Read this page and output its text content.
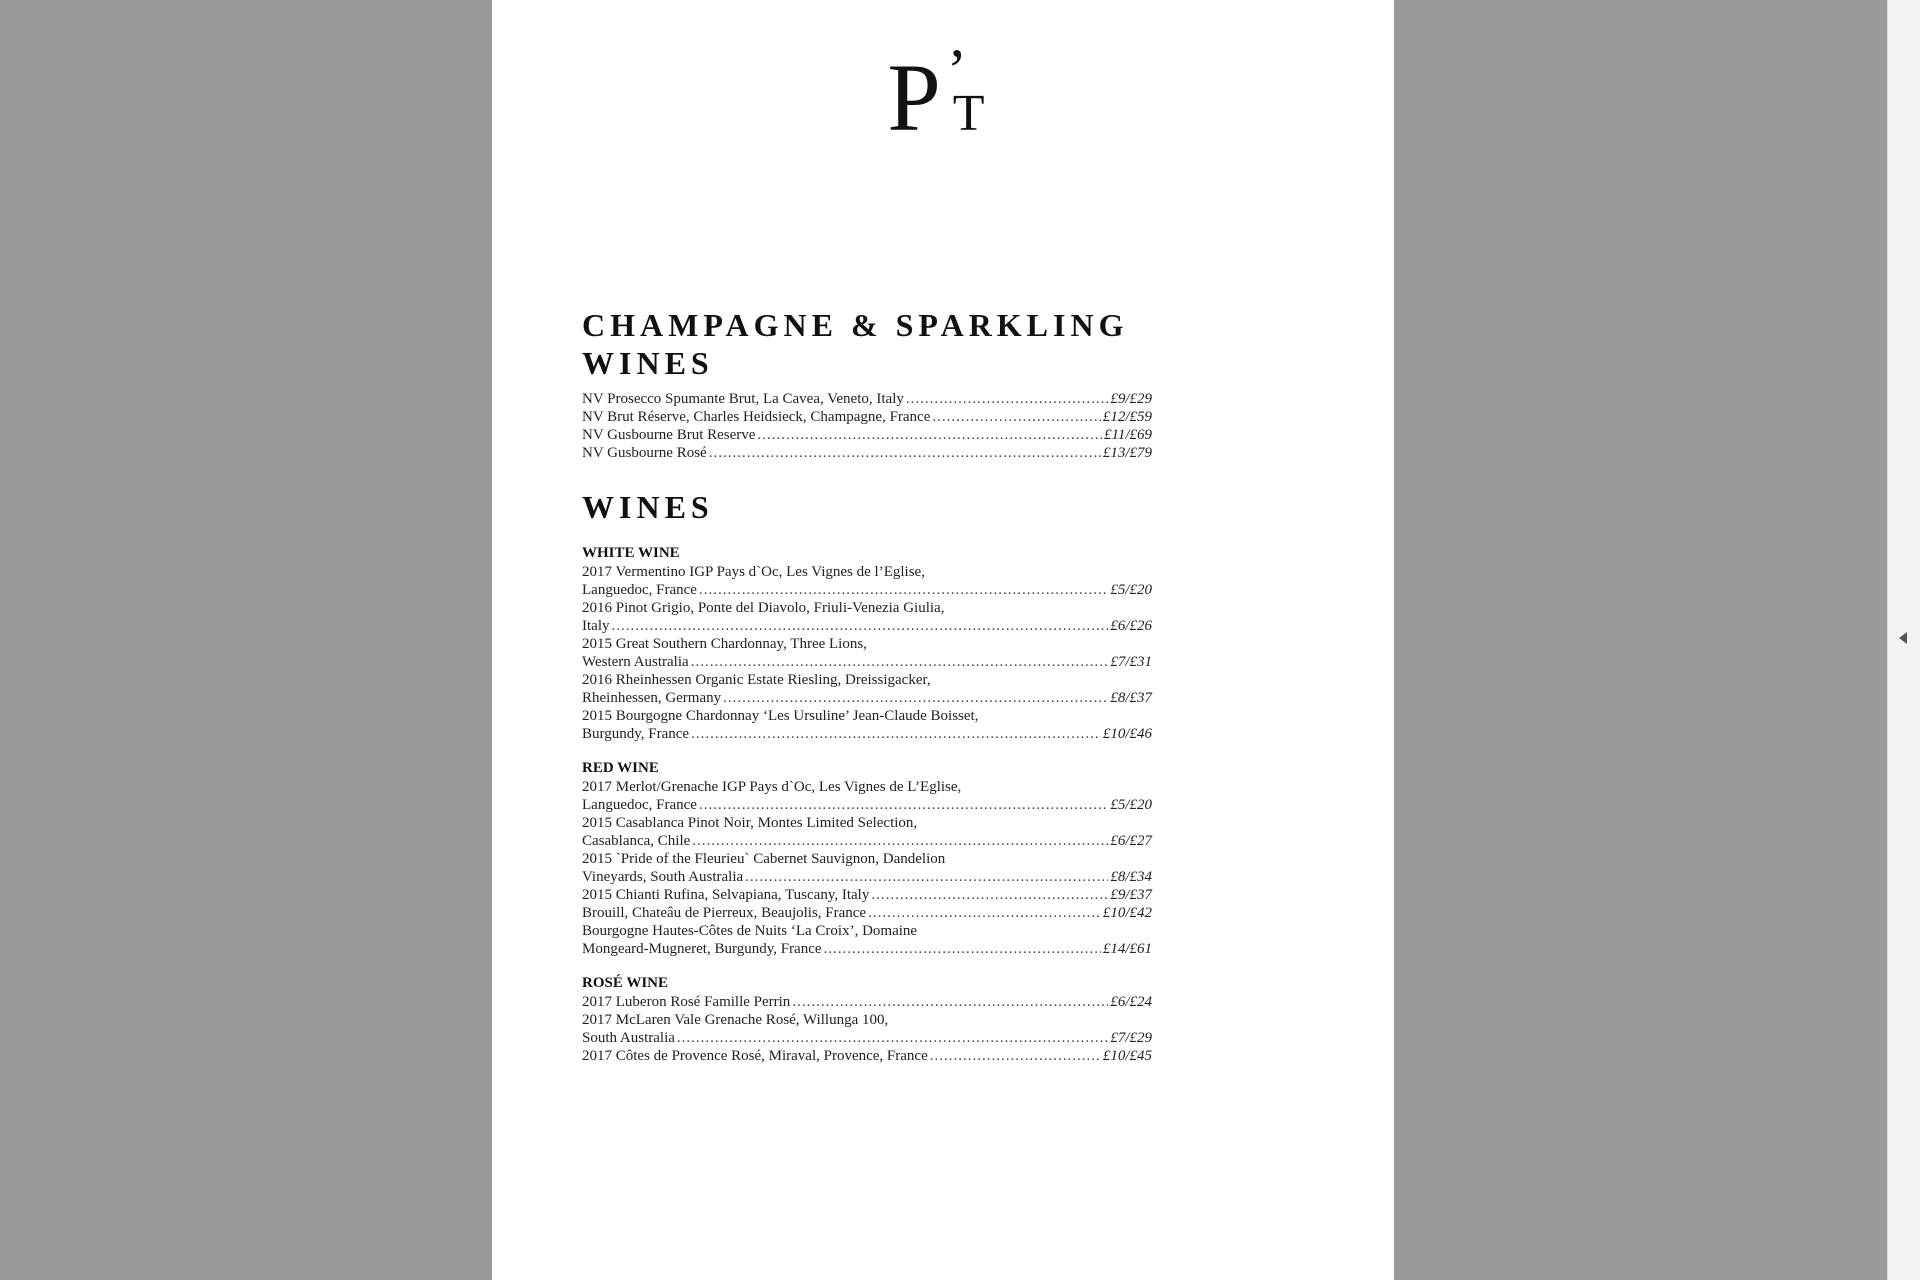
P ’T
CHAMPAGNE & SPARKLING
WINES
NV Prosecco Spumante Brut, La Cavea, Veneto, Italy .....	£9/£29
NV Brut Réserve, Charles Heidsieck, Champagne, France .....	£12/£59
NV Gusbourne Brut Reserve .....	£11/£69
NV Gusbourne Rosé .....	£13/£79
WINES
WHITE WINE
2017 Vermentino IGP Pays d`Oc, Les Vignes de l’Eglise,
Languedoc, France .....	£5/£20
2016 Pinot Grigio, Ponte del Diavolo, Friuli-Venezia Giulia,
Italy .....	£6/£26
2015 Great Southern Chardonnay, Three Lions,
Western Australia .....	£7/£31
2016 Rheinhessen Organic Estate Riesling, Dreissigacker,
Rheinhessen, Germany .....	£8/£37
2015 Bourgogne Chardonnay ‘Les Ursuline’ Jean-Claude Boisset,
Burgundy, France .....	£10/£46
RED WINE
2017 Merlot/Grenache IGP Pays d`Oc, Les Vignes de L’Eglise,
Languedoc, France .....	£5/£20
2015 Casablanca Pinot Noir, Montes Limited Selection,
Casablanca, Chile .....	£6/£27
2015 `Pride of the Fleurieu` Cabernet Sauvignon, Dandelion
Vineyards, South Australia .....	£8/£34
2015 Chianti Rufina, Selvapiana, Tuscany, Italy .....	£9/£37
Brouill, Chateâu de Pierreux, Beaujolis, France .....	£10/£42
Bourgogne Hautes-Côtes de Nuits ‘La Croix’, Domaine
Mongeard-Mugneret, Burgundy, France .....	£14/£61
ROSÉ WINE
2017 Luberon Rosé Famille Perrin .....	£6/£24
2017 McLaren Vale Grenache Rosé, Willunga 100,
South Australia .....	£7/£29
2017 Côtes de Provence Rosé, Miraval, Provence, France .....	£10/£45
